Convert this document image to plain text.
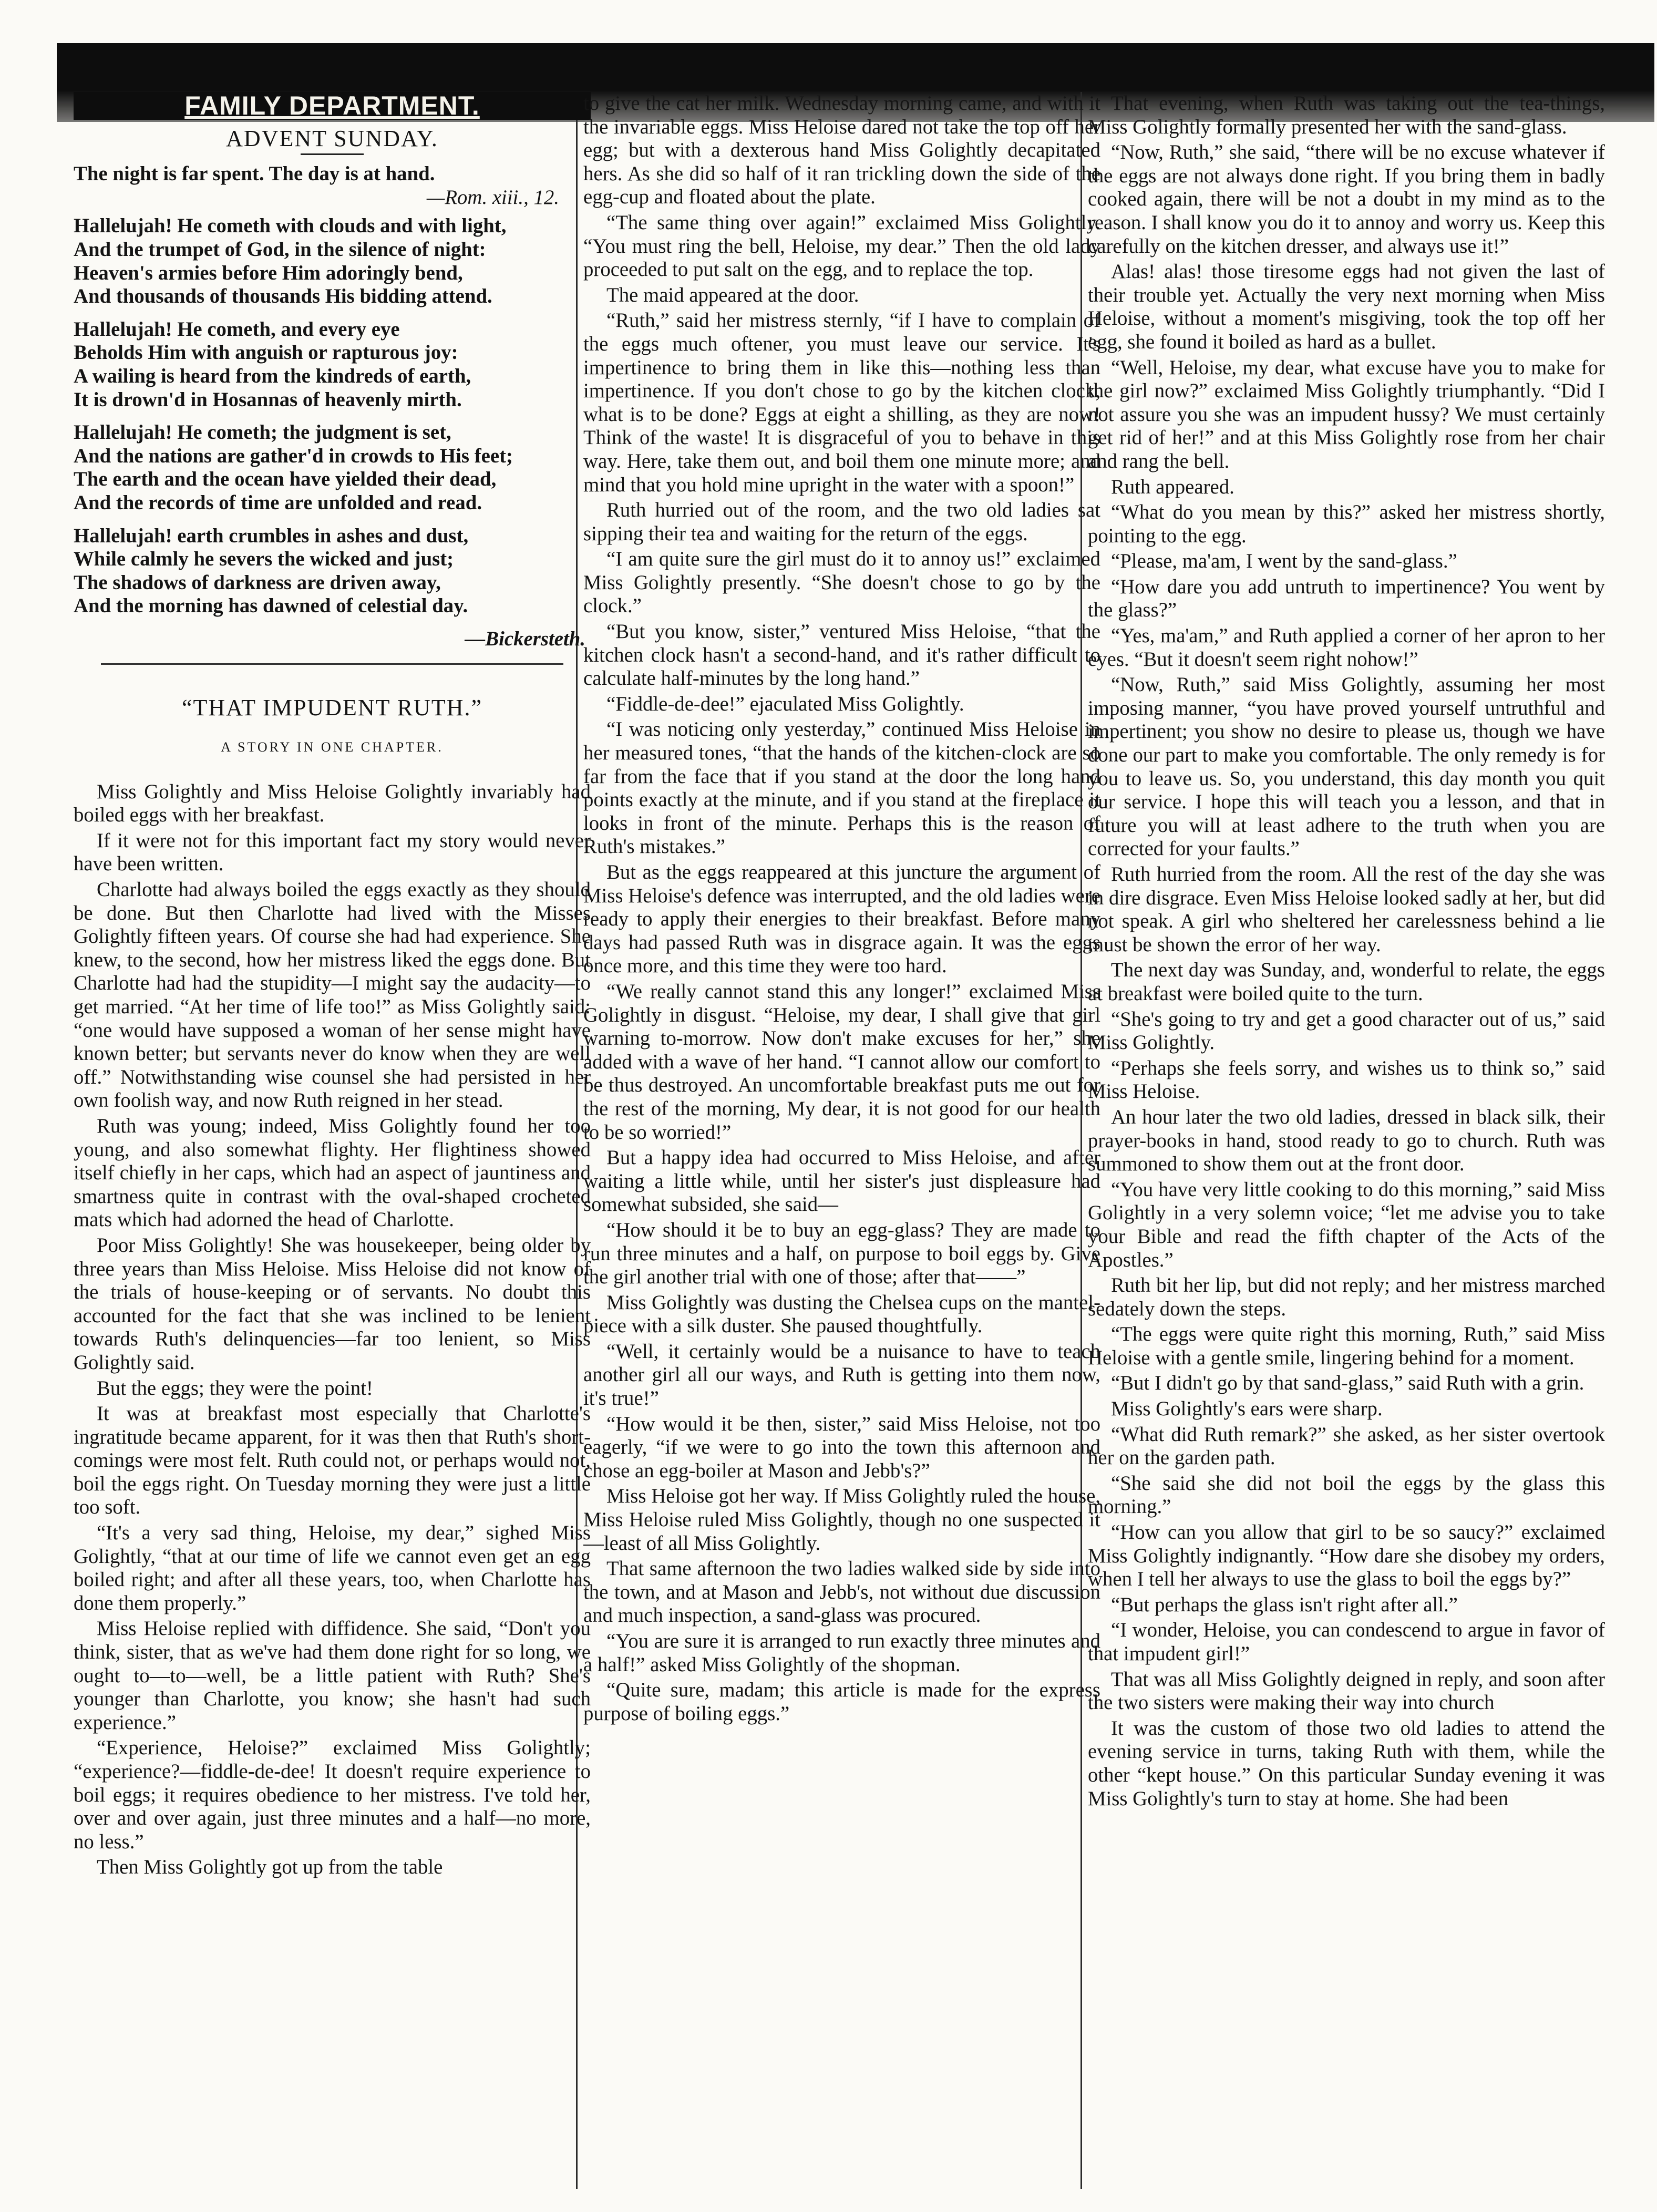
FAMILY DEPARTMENT.
ADVENT SUNDAY.

The night is far spent. The day is at hand.

—Rom. xiii., 12.

Hallelujah! He cometh with clouds and with light,
And the trumpet of God, in the silence of night:
Heaven's armies before Him adoringly bend,
And thousands of thousands His bidding attend.
Hallelujah! He cometh, and every eye
Beholds Him with anguish or rapturous joy:
A wailing is heard from the kindreds of earth,
It is drown'd in Hosannas of heavenly mirth.
Hallelujah! He cometh; the judgment is set,
And the nations are gather'd in crowds to His feet;
The earth and the ocean have yielded their dead,
And the records of time are unfolded and read.
Hallelujah! earth crumbles in ashes and dust,
While calmly he severs the wicked and just;
The shadows of darkness are driven away,
And the morning has dawned of celestial day.

—Bickersteth.

“THAT IMPUDENT RUTH.”
A STORY IN ONE CHAPTER.

Miss Golightly and Miss Heloise Golightly invariably had boiled eggs with her breakfast.

If it were not for this important fact my story would never have been written.

Charlotte had always boiled the eggs exactly as they should be done. But then Charlotte had lived with the Misses Golightly fifteen years. Of course she had had experience. She knew, to the second, how her mistress liked the eggs done. But Charlotte had had the stupidity—I might say the audacity—to get married. “At her time of life too!” as Miss Golightly said: “one would have supposed a woman of her sense might have known better; but servants never do know when they are well off.” Notwithstanding wise counsel she had persisted in her own foolish way, and now Ruth reigned in her stead.

Ruth was young; indeed, Miss Golightly found her too young, and also somewhat flighty. Her flightiness showed itself chiefly in her caps, which had an aspect of jauntiness and smartness quite in contrast with the oval-shaped crocheted mats which had adorned the head of Charlotte.

Poor Miss Golightly! She was housekeeper, being older by three years than Miss Heloise. Miss Heloise did not know of the trials of house-keeping or of servants. No doubt this accounted for the fact that she was inclined to be lenient towards Ruth's delinquencies—far too lenient, so Miss Golightly said.

But the eggs; they were the point!

It was at breakfast most especially that Charlotte's ingratitude became apparent, for it was then that Ruth's short-comings were most felt. Ruth could not, or perhaps would not, boil the eggs right. On Tuesday morning they were just a little too soft.

“It's a very sad thing, Heloise, my dear,” sighed Miss Golightly, “that at our time of life we cannot even get an egg boiled right; and after all these years, too, when Charlotte has done them properly.”

Miss Heloise replied with diffidence. She said, “Don't you think, sister, that as we've had them done right for so long, we ought to—to—well, be a little patient with Ruth? She's younger than Charlotte, you know; she hasn't had such experience.”

“Experience, Heloise?” exclaimed Miss Golightly; “experience?—fiddle-de-dee! It doesn't require experience to boil eggs; it requires obedience to her mistress. I've told her, over and over again, just three minutes and a half—no more, no less.”

Then Miss Golightly got up from the table

to give the cat her milk. Wednesday morning came, and with it the invariable eggs. Miss Heloise dared not take the top off her egg; but with a dexterous hand Miss Golightly decapitated hers. As she did so half of it ran trickling down the side of the egg-cup and floated about the plate.

“The same thing over again!” exclaimed Miss Golightly. “You must ring the bell, Heloise, my dear.” Then the old lady proceeded to put salt on the egg, and to replace the top.

The maid appeared at the door.

“Ruth,” said her mistress sternly, “if I have to complain of the eggs much oftener, you must leave our service. It's impertinence to bring them in like this—nothing less than impertinence. If you don't chose to go by the kitchen clock, what is to be done? Eggs at eight a shilling, as they are now! Think of the waste! It is disgraceful of you to behave in this way. Here, take them out, and boil them one minute more; and mind that you hold mine upright in the water with a spoon!”

Ruth hurried out of the room, and the two old ladies sat sipping their tea and waiting for the return of the eggs.

“I am quite sure the girl must do it to annoy us!” exclaimed Miss Golightly presently. “She doesn't chose to go by the clock.”

“But you know, sister,” ventured Miss Heloise, “that the kitchen clock hasn't a second-hand, and it's rather difficult to calculate half-minutes by the long hand.”

“Fiddle-de-dee!” ejaculated Miss Golightly.

“I was noticing only yesterday,” continued Miss Heloise in her measured tones, “that the hands of the kitchen-clock are so far from the face that if you stand at the door the long hand points exactly at the minute, and if you stand at the fireplace it looks in front of the minute. Perhaps this is the reason of Ruth's mistakes.”

But as the eggs reappeared at this juncture the argument of Miss Heloise's defence was interrupted, and the old ladies were ready to apply their energies to their breakfast. Before many days had passed Ruth was in disgrace again. It was the eggs once more, and this time they were too hard.

“We really cannot stand this any longer!” exclaimed Miss Golightly in disgust. “Heloise, my dear, I shall give that girl warning to-morrow. Now don't make excuses for her,” she added with a wave of her hand. “I cannot allow our comfort to be thus destroyed. An uncomfortable breakfast puts me out for the rest of the morning, My dear, it is not good for our health to be so worried!”

But a happy idea had occurred to Miss Heloise, and after waiting a little while, until her sister's just displeasure had somewhat subsided, she said—

“How should it be to buy an egg-glass? They are made to run three minutes and a half, on purpose to boil eggs by. Give the girl another trial with one of those; after that——”

Miss Golightly was dusting the Chelsea cups on the mantel-piece with a silk duster. She paused thoughtfully.

“Well, it certainly would be a nuisance to have to teach another girl all our ways, and Ruth is getting into them now, it's true!”

“How would it be then, sister,” said Miss Heloise, not too eagerly, “if we were to go into the town this afternoon and chose an egg-boiler at Mason and Jebb's?”

Miss Heloise got her way. If Miss Golightly ruled the house, Miss Heloise ruled Miss Golightly, though no one suspected it—least of all Miss Golightly.

That same afternoon the two ladies walked side by side into the town, and at Mason and Jebb's, not without due discussion and much inspection, a sand-glass was procured.

“You are sure it is arranged to run exactly three minutes and a half!” asked Miss Golightly of the shopman.

“Quite sure, madam; this article is made for the express purpose of boiling eggs.”

That evening, when Ruth was taking out the tea-things, Miss Golightly formally presented her with the sand-glass.

“Now, Ruth,” she said, “there will be no excuse whatever if the eggs are not always done right. If you bring them in badly cooked again, there will be not a doubt in my mind as to the reason. I shall know you do it to annoy and worry us. Keep this carefully on the kitchen dresser, and always use it!”

Alas! alas! those tiresome eggs had not given the last of their trouble yet. Actually the very next morning when Miss Heloise, without a moment's misgiving, took the top off her egg, she found it boiled as hard as a bullet.

“Well, Heloise, my dear, what excuse have you to make for the girl now?” exclaimed Miss Golightly triumphantly. “Did I not assure you she was an impudent hussy? We must certainly get rid of her!” and at this Miss Golightly rose from her chair and rang the bell.

Ruth appeared.

“What do you mean by this?” asked her mistress shortly, pointing to the egg.

“Please, ma'am, I went by the sand-glass.”

“How dare you add untruth to impertinence? You went by the glass?”

“Yes, ma'am,” and Ruth applied a corner of her apron to her eyes. “But it doesn't seem right nohow!”

“Now, Ruth,” said Miss Golightly, assuming her most imposing manner, “you have proved yourself untruthful and impertinent; you show no desire to please us, though we have done our part to make you comfortable. The only remedy is for you to leave us. So, you understand, this day month you quit our service. I hope this will teach you a lesson, and that in future you will at least adhere to the truth when you are corrected for your faults.”

Ruth hurried from the room. All the rest of the day she was in dire disgrace. Even Miss Heloise looked sadly at her, but did not speak. A girl who sheltered her carelessness behind a lie must be shown the error of her way.

The next day was Sunday, and, wonderful to relate, the eggs at breakfast were boiled quite to the turn.

“She's going to try and get a good character out of us,” said Miss Golightly.

“Perhaps she feels sorry, and wishes us to think so,” said Miss Heloise.

An hour later the two old ladies, dressed in black silk, their prayer-books in hand, stood ready to go to church. Ruth was summoned to show them out at the front door.

“You have very little cooking to do this morning,” said Miss Golightly in a very solemn voice; “let me advise you to take your Bible and read the fifth chapter of the Acts of the Apostles.”

Ruth bit her lip, but did not reply; and her mistress marched sedately down the steps.

“The eggs were quite right this morning, Ruth,” said Miss Heloise with a gentle smile, lingering behind for a moment.

“But I didn't go by that sand-glass,” said Ruth with a grin.

Miss Golightly's ears were sharp.

“What did Ruth remark?” she asked, as her sister overtook her on the garden path.

“She said she did not boil the eggs by the glass this morning.”

“How can you allow that girl to be so saucy?” exclaimed Miss Golightly indignantly. “How dare she disobey my orders, when I tell her always to use the glass to boil the eggs by?”

“But perhaps the glass isn't right after all.”

“I wonder, Heloise, you can condescend to argue in favor of that impudent girl!”

That was all Miss Golightly deigned in reply, and soon after the two sisters were making their way into church

It was the custom of those two old ladies to attend the evening service in turns, taking Ruth with them, while the other “kept house.” On this particular Sunday evening it was Miss Golightly's turn to stay at home. She had been
